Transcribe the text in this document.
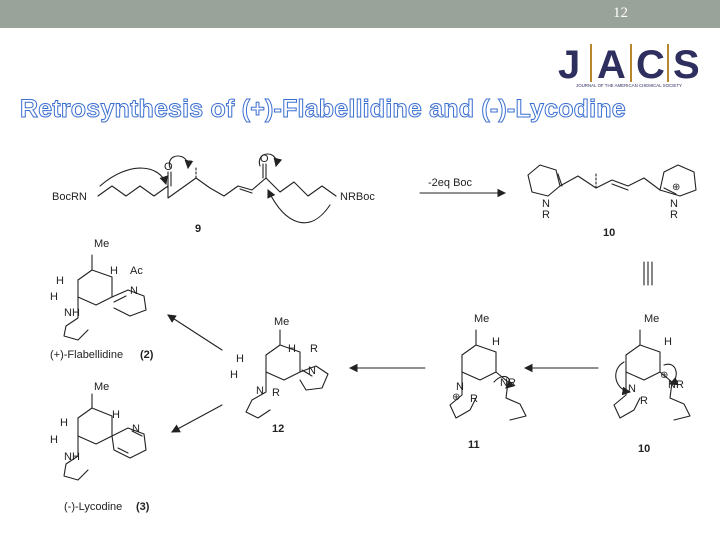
12
J A C S
JOURNAL OF THE AMERICAN CHEMICAL SOCIETY
Retrosynthesis of (+)-Flabellidine and (-)-Lycodine
BocRN	NRBoc
O
O
9
-2eq Boc
N
R
N
R
⊕
10
Me
H
N
R
NR
⊕
10
Me
H
N
R
NR
⊕
11
Me
H
H
R
N
H
N R
12
Me
H Ac
N
H
H
NH
(+)-Flabellidine (2)
Me
H
H
H
N
NH
(-)-Lycodine (3)
|||
